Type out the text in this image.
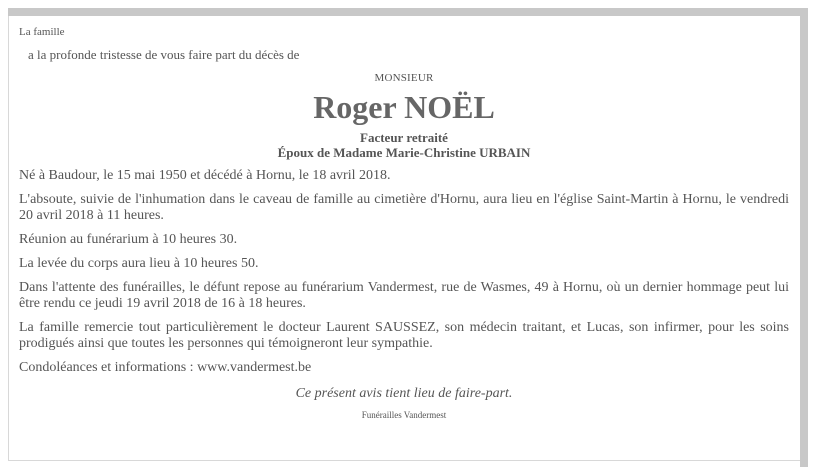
La famille
a la profonde tristesse de vous faire part du décès de
MONSIEUR
Roger NOËL
Facteur retraité
Époux de Madame Marie-Christine URBAIN
Né à Baudour, le 15 mai 1950 et décédé à Hornu, le 18 avril 2018.
L'absoute, suivie de l'inhumation dans le caveau de famille au cimetière d'Hornu, aura lieu en l'église Saint-Martin à Hornu, le vendredi 20 avril 2018 à 11 heures.
Réunion au funérarium à 10 heures 30.
La levée du corps aura lieu à 10 heures 50.
Dans l'attente des funérailles, le défunt repose au funérarium Vandermest, rue de Wasmes, 49 à Hornu, où un dernier hommage peut lui être rendu ce jeudi 19 avril 2018 de 16 à 18 heures.
La famille remercie tout particulièrement le docteur Laurent SAUSSEZ, son médecin traitant, et Lucas, son infirmer, pour les soins prodigués ainsi que toutes les personnes qui témoigneront leur sympathie.
Condoléances et informations : www.vandermest.be
Ce présent avis tient lieu de faire-part.
Funérailles Vandermest
